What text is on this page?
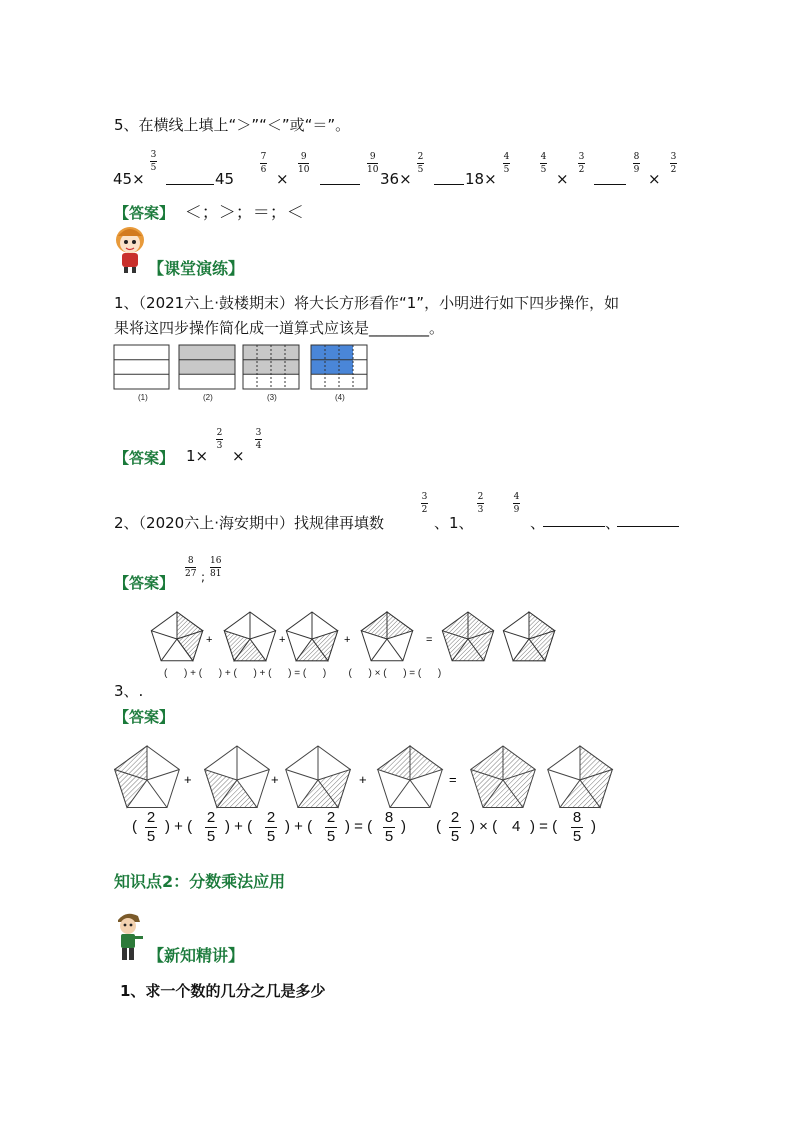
5、在横线上填上“＞”“＜”或“＝”。
45×
3
5
45
7
6 ×
9
10
9
10 36×
2
5	18×
4
5
4
5 ×
3
2
8
9 ×
3
2
【答案】 ＜；＞；＝；＜
【课堂演练】
1、（2021六上·鼓楼期末）将大长方形看作“1”，小明进行如下四步操作，如
果将这四步操作简化成一道算式应该是________。
(1)	(2)	(3)	(4)
【答案】 1×
2
3
×
3
4
2、（2020六上·海安期中）找规律再填数
3
2
、1、
2
3
4
9
、	、
【答案】
8
27 ;
16
81
+	+	+	=
(      ) + (      ) + (      ) + (      ) = (      )        (      ) × (      ) = (      )
3、.
【答案】
+	+	+	=
(
2
5
) + (
2
5
) + (
2
5
) + (
2
5
) = (
8
5
) (
2
5
) × ( 4 ) = (
8
5
)
知识点2：分数乘法应用
【新知精讲】
1、求一个数的几分之几是多少
